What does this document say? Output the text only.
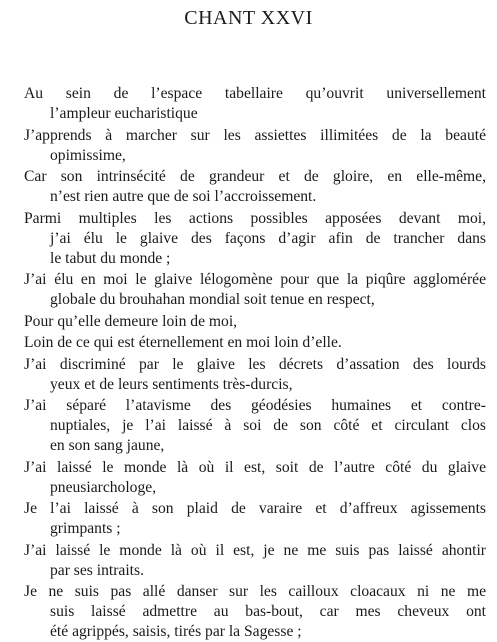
CHANT XXVI
Au sein de l’espace tabellaire qu’ouvrit universellement
l’ampleur eucharistique
J’apprends à marcher sur les assiettes illimitées de la beauté
opimissime,
Car son intrinsécité de grandeur et de gloire, en elle-même,
n’est rien autre que de soi l’accroissement.
Parmi multiples les actions possibles apposées devant moi,
j’ai élu le glaive des façons d’agir afin de trancher dans
le tabut du monde ;
J’ai élu en moi le glaive lélogomène pour que la piqûre agglomérée
globale du brouhahan mondial soit tenue en respect,
Pour qu’elle demeure loin de moi,
Loin de ce qui est éternellement en moi loin d’elle.
J’ai discriminé par le glaive les décrets d’assation des lourds
yeux et de leurs sentiments très-durcis,
J’ai séparé l’atavisme des géodésies humaines et contre-
nuptiales, je l’ai laissé à soi de son côté et circulant clos
en son sang jaune,
J’ai laissé le monde là où il est, soit de l’autre côté du glaive
pneusiarchologe,
Je l’ai laissé à son plaid de varaire et d’affreux agissements
grimpants ;
J’ai laissé le monde là où il est, je ne me suis pas laissé ahontir
par ses intraits.
Je ne suis pas allé danser sur les cailloux cloacaux ni ne me
suis laissé admettre au bas-bout, car mes cheveux ont
été agrippés, saisis, tirés par la Sagesse ;
